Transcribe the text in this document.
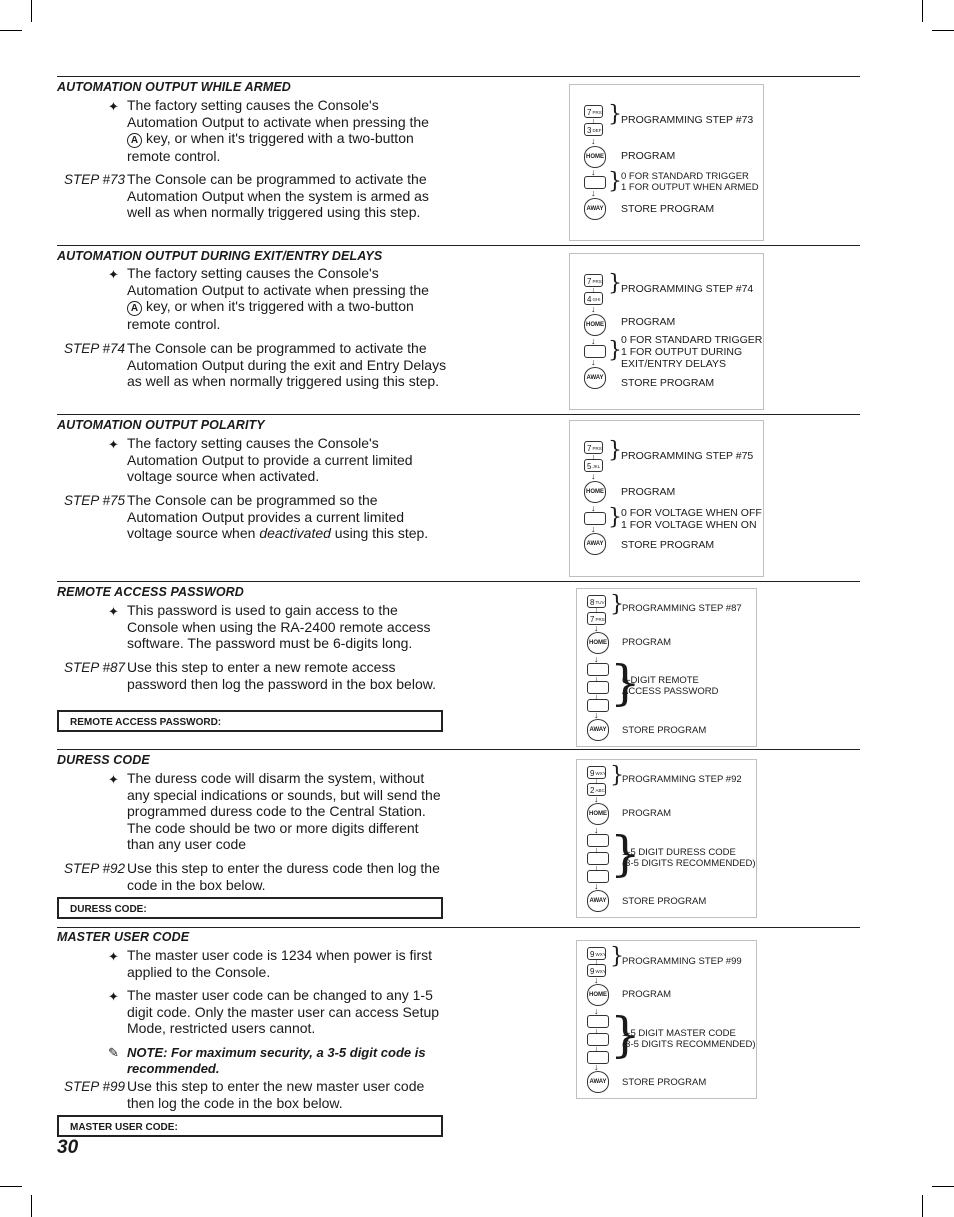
AUTOMATION OUTPUT WHILE ARMED
✦ The factory setting causes the Console's Automation Output to activate when pressing the
A key, or when it's triggered with a two-button remote control.
STEP #73 The Console can be programmed to activate the Automation Output when the system is armed as well as when normally triggered using this step.
$7^{PRS}$
↓
$3^{DEF}$
} PROGRAMMING STEP #73
↓
HOME PROGRAM
↓ } 0 FOR STANDARD TRIGGER
1 FOR OUTPUT WHEN ARMED
↓
AWAY STORE PROGRAM
AUTOMATION OUTPUT DURING EXIT/ENTRY DELAYS
✦ The factory setting causes the Console's Automation Output to activate when pressing the
A key, or when it's triggered with a two-button remote control.
STEP #74 The Console can be programmed to activate the Automation Output during the exit and Entry Delays as well as when normally triggered using this step.
$7^{PRS}$
↓
$4^{GHI}$
} PROGRAMMING STEP #74
↓
HOME PROGRAM
↓ } 0 FOR STANDARD TRIGGER
1 FOR OUTPUT DURING
EXIT/ENTRY DELAYS
↓
AWAY STORE PROGRAM
AUTOMATION OUTPUT POLARITY
✦ The factory setting causes the Console's Automation Output to provide a current limited voltage source when activated.
STEP #75 The Console can be programmed so the Automation Output provides a current limited voltage source when deactivated using this step.
$7^{PRS}$
↓
$5^{JKL}$
} PROGRAMMING STEP #75
↓
HOME PROGRAM
↓ } 0 FOR VOLTAGE WHEN OFF
1 FOR VOLTAGE WHEN ON
↓
AWAY STORE PROGRAM
REMOTE ACCESS PASSWORD
✦ This password is used to gain access to the Console when using the RA-2400 remote access software. The password must be 6-digits long.
STEP #87 Use this step to enter a new remote access password then log the password in the box below.
REMOTE ACCESS PASSWORD:
$8^{TUV}$
↓
$7^{PRS}$
}
PROGRAMMING STEP #87
↓
HOME PROGRAM
↓
↓
↓ }
6-DIGIT REMOTE
ACCESS PASSWORD
↓
AWAY STORE PROGRAM
DURESS CODE
✦ The duress code will disarm the system, without any special indications or sounds, but will send the programmed duress code to the Central Station. The code should be two or more digits different than any user code
STEP #92 Use this step to enter the duress code then log the code in the box below.
DURESS CODE:
$9^{WXY}$
↓
$2^{ABC}$
}
PROGRAMMING STEP #92
↓
HOME PROGRAM
↓
↓
↓ }
1-5 DIGIT DURESS CODE
(3-5 DIGITS RECOMMENDED)
↓
AWAY STORE PROGRAM
MASTER USER CODE
✦ The master user code is 1234 when power is first applied to the Console.
✦ The master user code can be changed to any 1-5 digit code. Only the master user can access Setup Mode, restricted users cannot.
✎ NOTE: For maximum security, a 3-5 digit code is recommended.
STEP #99 Use this step to enter the new master user code then log the code in the box below.
MASTER USER CODE:
$9^{WXY}$
↓
$9^{WXY}$
}
PROGRAMMING STEP #99
↓
HOME PROGRAM
↓
↓
↓ }
1-5 DIGIT MASTER CODE
(3-5 DIGITS RECOMMENDED)
↓
AWAY STORE PROGRAM
30
